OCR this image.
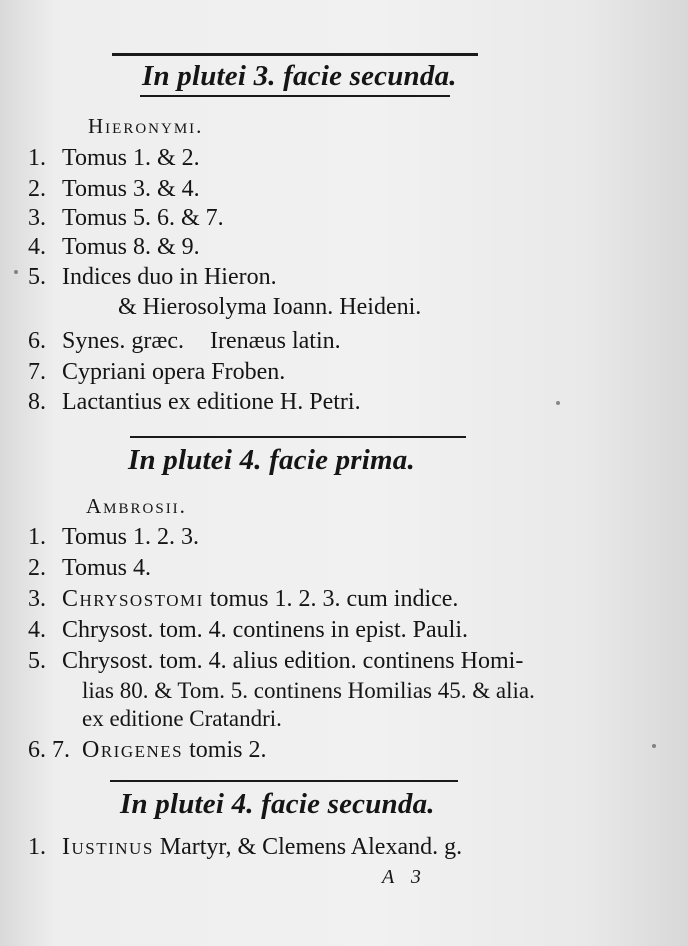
In plutei 3. facie secunda.
Hieronymi.
1. Tomus 1. & 2.
2. Tomus 3. & 4.
3. Tomus 5. 6. & 7.
4. Tomus 8. & 9.
5. Indices duo in Hieron.
& Hierosolyma Ioann. Heideni.
6. Synes. græc. Irenæus latin.
7. Cypriani opera Froben.
8. Lactantius ex editione H. Petri.
In plutei 4. facie prima.
Ambrosii.
1. Tomus 1. 2. 3.
2. Tomus 4.
3. Chrysostomi tomus 1. 2. 3. cum indice.
4. Chrysost. tom. 4. continens in epist. Pauli.
5. Chrysost. tom. 4. alius edition. continens Homi-
lias 80. & Tom. 5. continens Homilias 45. & alia.
ex editione Cratandri.
6. 7. Origenes tomis 2.
In plutei 4. facie secunda.
1. Iustinus Martyr, & Clemens Alexand. g.
A 3
